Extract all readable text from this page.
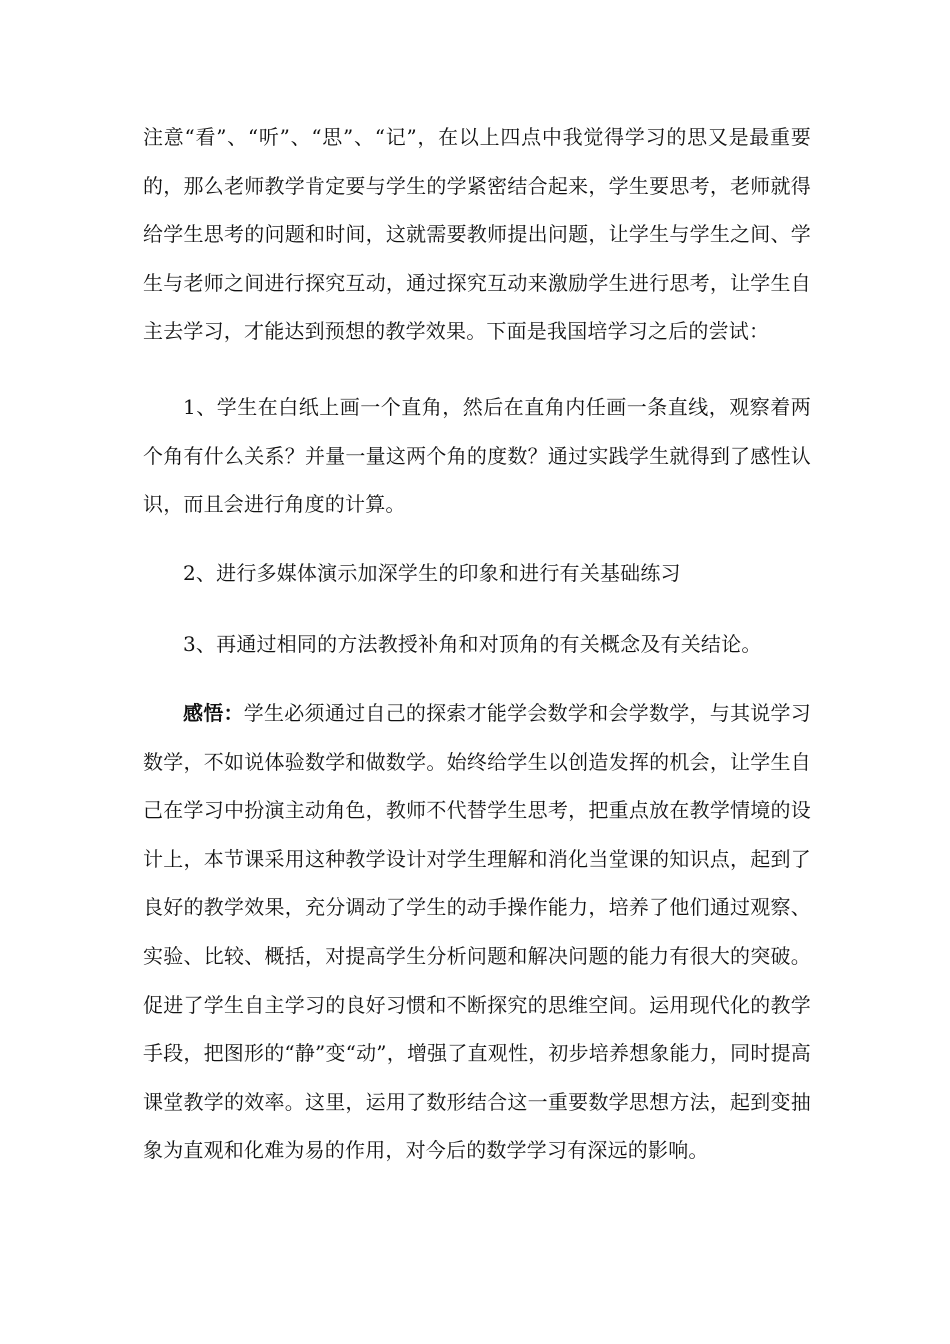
注意“看”、“听”、“思”、“记”，在以上四点中我觉得学习的思又是最重要的，那么老师教学肯定要与学生的学紧密结合起来，学生要思考，老师就得给学生思考的问题和时间，这就需要教师提出问题，让学生与学生之间、学生与老师之间进行探究互动，通过探究互动来激励学生进行思考，让学生自主去学习，才能达到预想的教学效果。下面是我国培学习之后的尝试：

1、学生在白纸上画一个直角，然后在直角内任画一条直线，观察着两个角有什么关系？并量一量这两个角的度数？通过实践学生就得到了感性认识，而且会进行角度的计算。

2、进行多媒体演示加深学生的印象和进行有关基础练习

3、再通过相同的方法教授补角和对顶角的有关概念及有关结论。

感悟：学生必须通过自己的探索才能学会数学和会学数学，与其说学习数学，不如说体验数学和做数学。始终给学生以创造发挥的机会，让学生自己在学习中扮演主动角色，教师不代替学生思考，把重点放在教学情境的设计上，本节课采用这种教学设计对学生理解和消化当堂课的知识点，起到了良好的教学效果，充分调动了学生的动手操作能力，培养了他们通过观察、实验、比较、概括，对提高学生分析问题和解决问题的能力有很大的突破。促进了学生自主学习的良好习惯和不断探究的思维空间。运用现代化的教学手段，把图形的“静”变“动”，增强了直观性，初步培养想象能力，同时提高课堂教学的效率。这里，运用了数形结合这一重要数学思想方法，起到变抽象为直观和化难为易的作用，对今后的数学学习有深远的影响。
